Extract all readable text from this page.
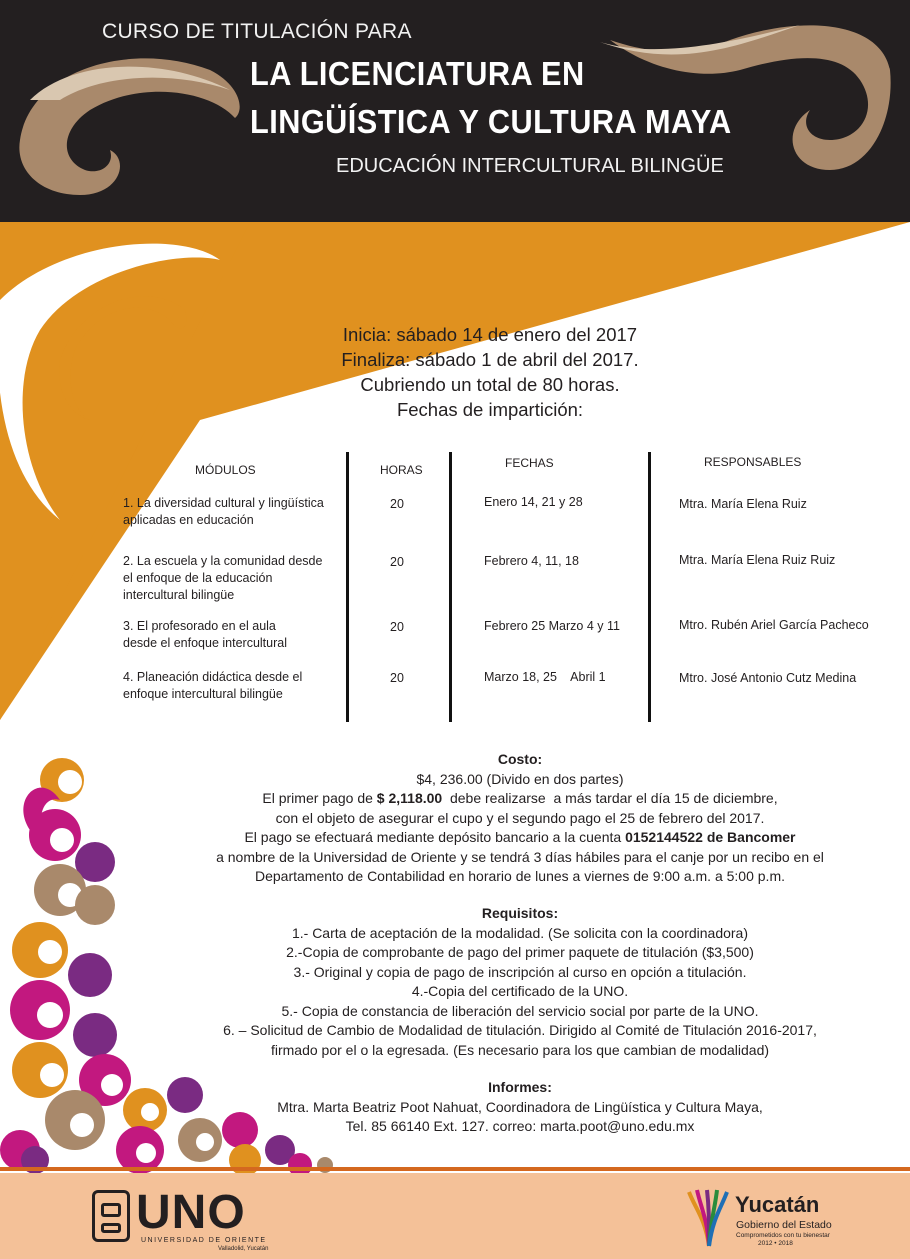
CURSO DE TITULACIÓN PARA
LA LICENCIATURA EN
LINGÜÍSTICA Y CULTURA MAYA
EDUCACIÓN INTERCULTURAL BILINGÜE
Inicia: sábado 14 de enero del 2017
Finaliza: sábado 1 de abril del 2017.
Cubriendo un total de 80 horas.
Fechas de impartición:
MÓDULOS	HORAS	FECHAS	RESPONSABLES
1. La diversidad cultural y lingüística
aplicadas en educación
20	Enero 14, 21 y 28	Mtra. María Elena Ruiz
2. La escuela y la comunidad desde
el enfoque de la educación
intercultural bilingüe
20	Febrero 4, 11, 18	Mtra. María Elena Ruiz Ruiz
3. El profesorado en el aula
desde el enfoque intercultural
20	Febrero 25 Marzo 4 y 11	Mtro. Rubén Ariel García Pacheco
4. Planeación didáctica desde el
enfoque intercultural bilingüe
20	Marzo 18, 25    Abril 1	Mtro. José Antonio Cutz Medina
Costo:
$4, 236.00 (Divido en dos partes)
El primer pago de $ 2,118.00  debe realizarse  a más tardar el día 15 de diciembre,
con el objeto de asegurar el cupo y el segundo pago el 25 de febrero del 2017.
El pago se efectuará mediante depósito bancario a la cuenta 0152144522 de Bancomer
a nombre de la Universidad de Oriente y se tendrá 3 días hábiles para el canje por un recibo en el
Departamento de Contabilidad en horario de lunes a viernes de 9:00 a.m. a 5:00 p.m.
Requisitos:
1.- Carta de aceptación de la modalidad. (Se solicita con la coordinadora)
2.-Copia de comprobante de pago del primer paquete de titulación ($3,500)
3.- Original y copia de pago de inscripción al curso en opción a titulación.
4.-Copia del certificado de la UNO.
5.- Copia de constancia de liberación del servicio social por parte de la UNO.
6. – Solicitud de Cambio de Modalidad de titulación. Dirigido al Comité de Titulación 2016-2017,
firmado por el o la egresada. (Es necesario para los que cambian de modalidad)
Informes:
Mtra. Marta Beatriz Poot Nahuat, Coordinadora de Lingüística y Cultura Maya,
Tel. 85 66140 Ext. 127. correo: marta.poot@uno.edu.mx
UNO
UNIVERSIDAD DE ORIENTE
Valladolid, Yucatán
Yucatán
Gobierno del Estado
Comprometidos con tu bienestar
2012 • 2018
